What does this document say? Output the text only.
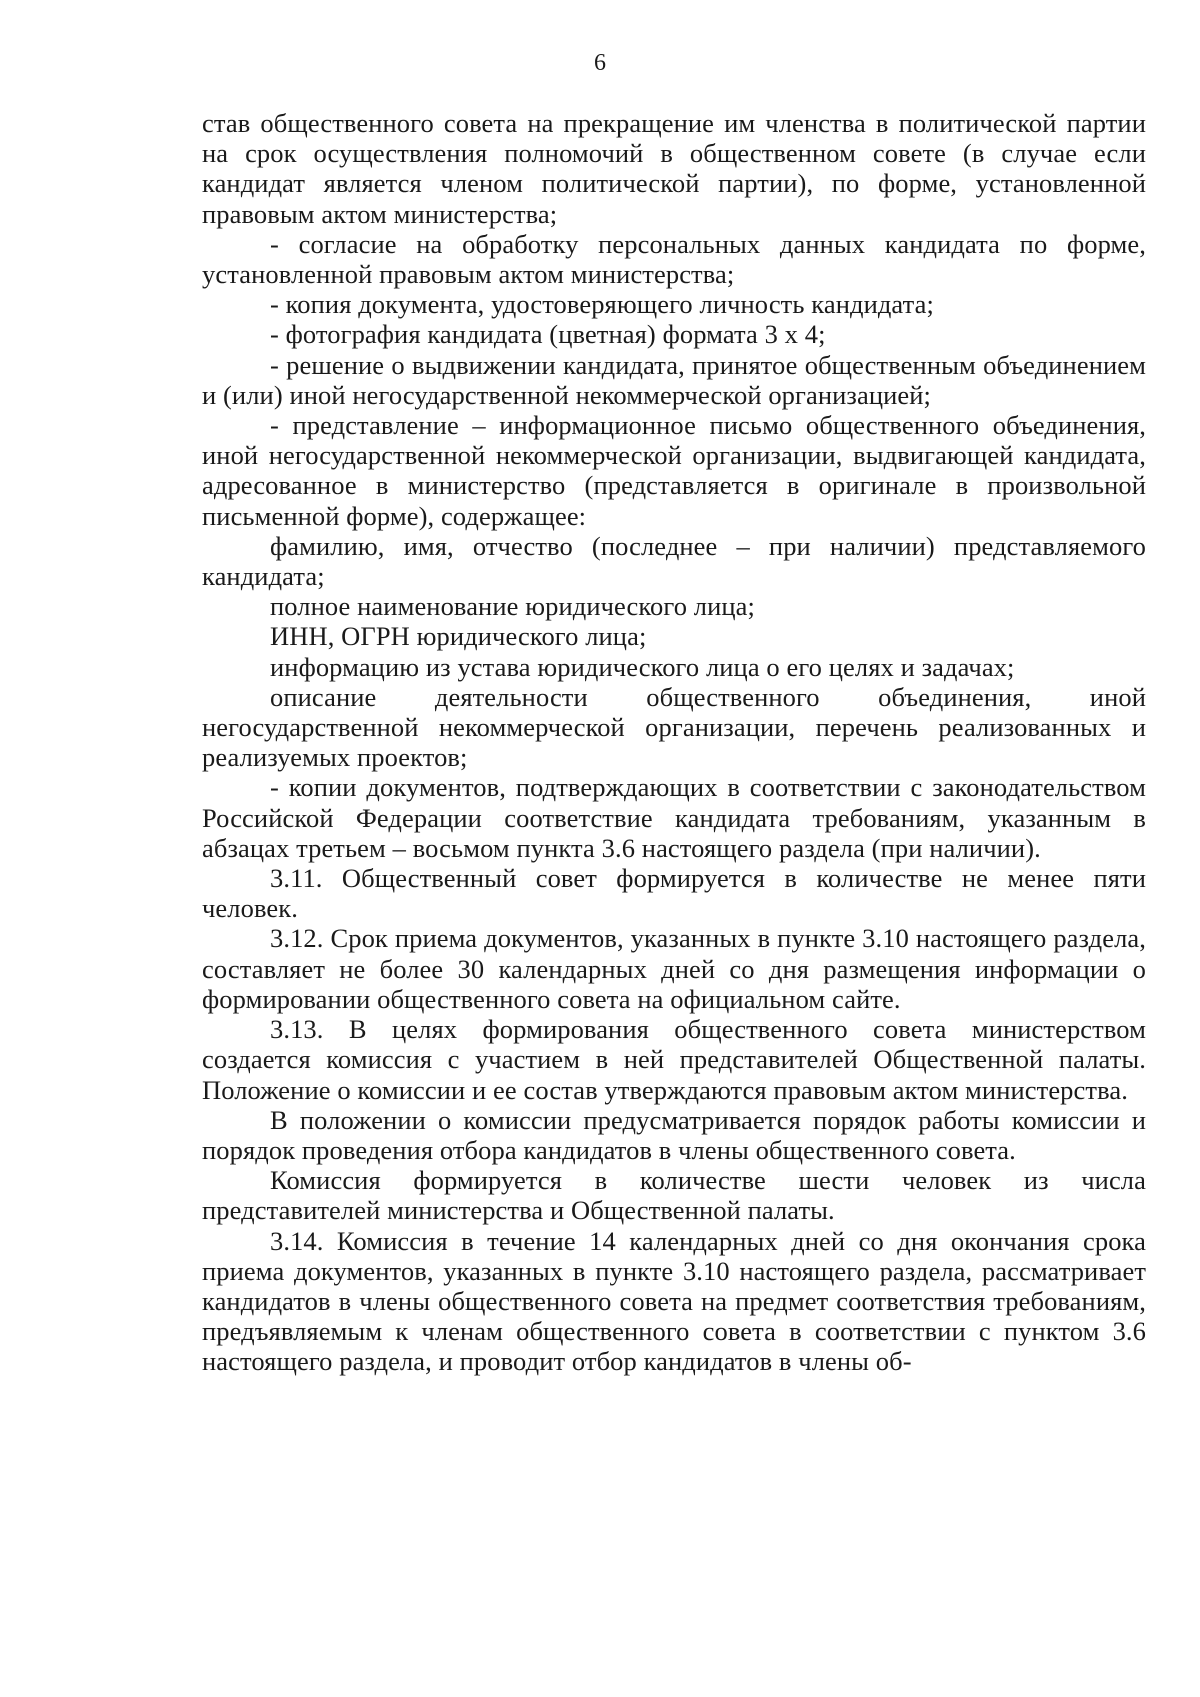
6

став общественного совета на прекращение им членства в политической партии на срок осуществления полномочий в общественном совете (в случае если кандидат является членом политической партии), по форме, установленной правовым актом министерства;

- согласие на обработку персональных данных кандидата по форме, установленной правовым актом министерства;

- копия документа, удостоверяющего личность кандидата;

- фотография кандидата (цветная) формата 3 х 4;

- решение о выдвижении кандидата, принятое общественным объединением и (или) иной негосударственной некоммерческой организацией;

- представление – информационное письмо общественного объединения, иной негосударственной некоммерческой организации, выдвигающей кандидата, адресованное в министерство (представляется в оригинале в произвольной письменной форме), содержащее:

фамилию, имя, отчество (последнее – при наличии) представляемого кандидата;

полное наименование юридического лица;

ИНН, ОГРН юридического лица;

информацию из устава юридического лица о его целях и задачах;

описание деятельности общественного объединения, иной негосударственной некоммерческой организации, перечень реализованных и реализуемых проектов;

- копии документов, подтверждающих в соответствии с законодательством Российской Федерации соответствие кандидата требованиям, указанным в абзацах третьем – восьмом пункта 3.6 настоящего раздела (при наличии).

3.11. Общественный совет формируется в количестве не менее пяти человек.

3.12. Срок приема документов, указанных в пункте 3.10 настоящего раздела, составляет не более 30 календарных дней со дня размещения информации о формировании общественного совета на официальном сайте.

3.13. В целях формирования общественного совета министерством создается комиссия с участием в ней представителей Общественной палаты. Положение о комиссии и ее состав утверждаются правовым актом министерства.

В положении о комиссии предусматривается порядок работы комиссии и порядок проведения отбора кандидатов в члены общественного совета.

Комиссия формируется в количестве шести человек из числа представителей министерства и Общественной палаты.

3.14. Комиссия в течение 14 календарных дней со дня окончания срока приема документов, указанных в пункте 3.10 настоящего раздела, рассматривает кандидатов в члены общественного совета на предмет соответствия требованиям, предъявляемым к членам общественного совета в соответствии с пунктом 3.6 настоящего раздела, и проводит отбор кандидатов в члены об-
